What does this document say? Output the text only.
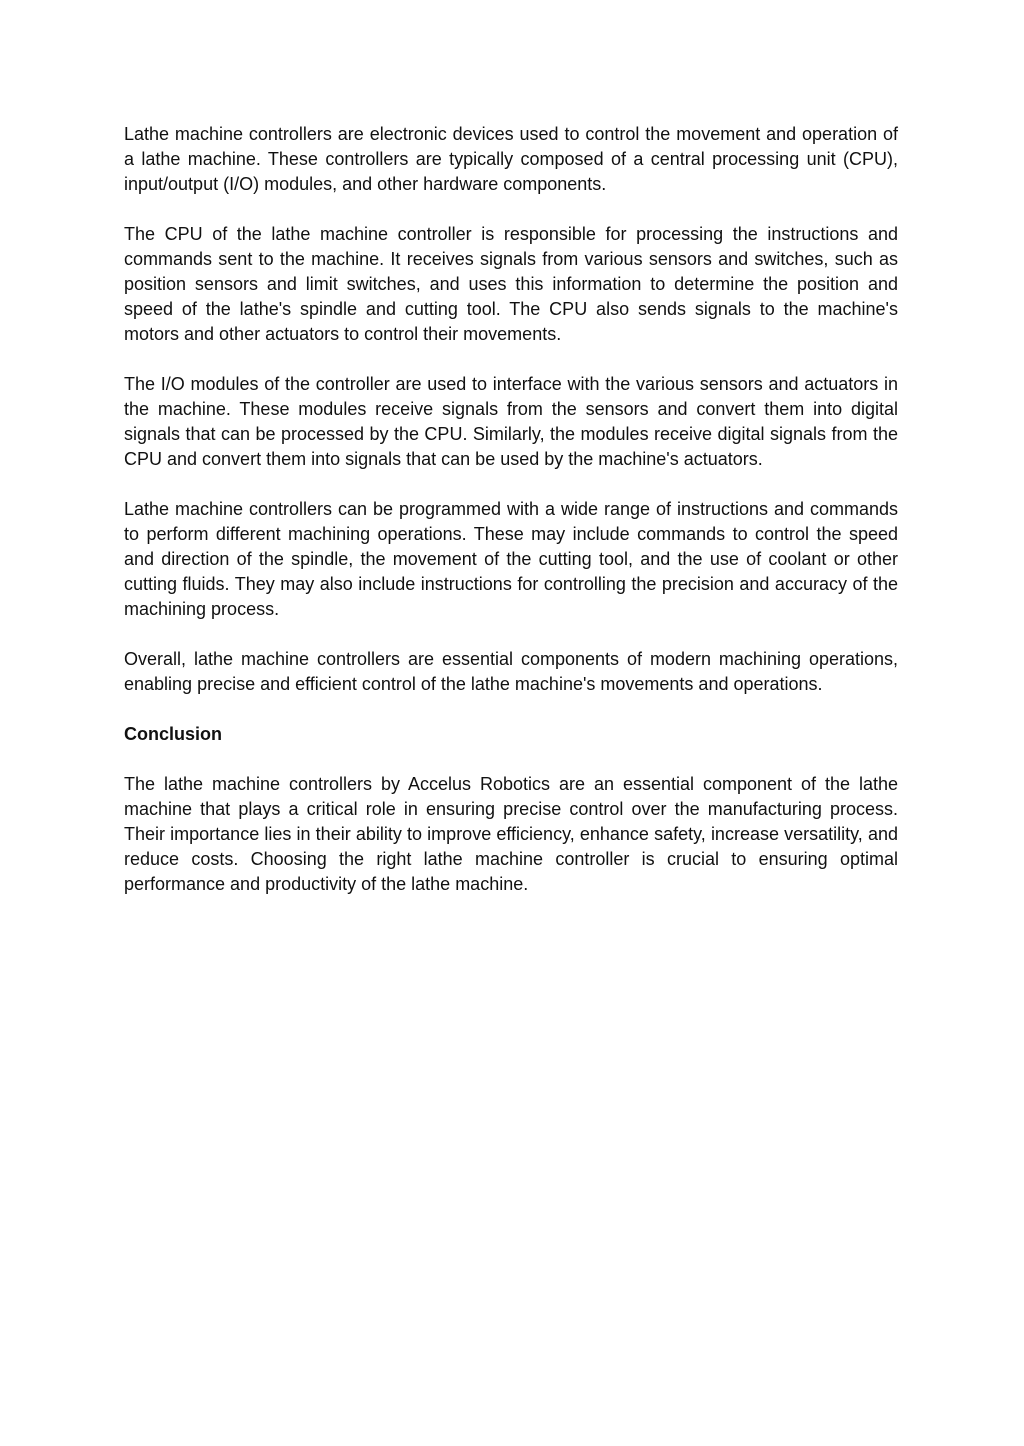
Lathe machine controllers are electronic devices used to control the movement and operation of a lathe machine. These controllers are typically composed of a central processing unit (CPU), input/output (I/O) modules, and other hardware components.

The CPU of the lathe machine controller is responsible for processing the instructions and commands sent to the machine. It receives signals from various sensors and switches, such as position sensors and limit switches, and uses this information to determine the position and speed of the lathe's spindle and cutting tool. The CPU also sends signals to the machine's motors and other actuators to control their movements.

The I/O modules of the controller are used to interface with the various sensors and actuators in the machine. These modules receive signals from the sensors and convert them into digital signals that can be processed by the CPU. Similarly, the modules receive digital signals from the CPU and convert them into signals that can be used by the machine's actuators.

Lathe machine controllers can be programmed with a wide range of instructions and commands to perform different machining operations. These may include commands to control the speed and direction of the spindle, the movement of the cutting tool, and the use of coolant or other cutting fluids. They may also include instructions for controlling the precision and accuracy of the machining process.

Overall, lathe machine controllers are essential components of modern machining operations, enabling precise and efficient control of the lathe machine's movements and operations.

Conclusion

The lathe machine controllers by Accelus Robotics are an essential component of the lathe machine that plays a critical role in ensuring precise control over the manufacturing process. Their importance lies in their ability to improve efficiency, enhance safety, increase versatility, and reduce costs. Choosing the right lathe machine controller is crucial to ensuring optimal performance and productivity of the lathe machine.
